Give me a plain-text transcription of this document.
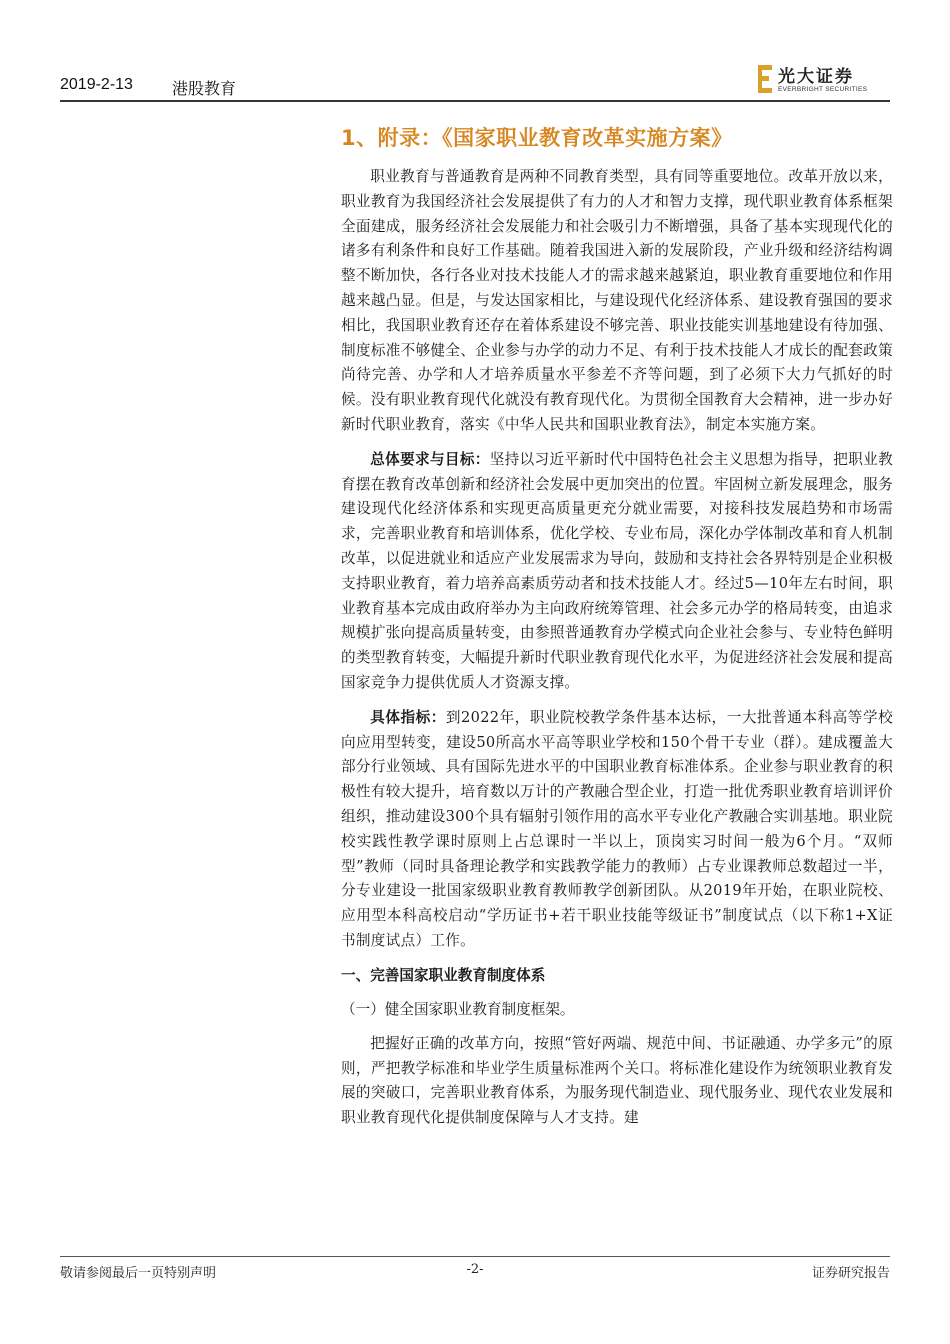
2019-2-13 港股教育
光大证券
EVERBRIGHT SECURITIES
1、附录：《国家职业教育改革实施方案》

职业教育与普通教育是两种不同教育类型，具有同等重要地位。改革开放以来，职业教育为我国经济社会发展提供了有力的人才和智力支撑，现代职业教育体系框架全面建成，服务经济社会发展能力和社会吸引力不断增强，具备了基本实现现代化的诸多有利条件和良好工作基础。随着我国进入新的发展阶段，产业升级和经济结构调整不断加快，各行各业对技术技能人才的需求越来越紧迫，职业教育重要地位和作用越来越凸显。但是，与发达国家相比，与建设现代化经济体系、建设教育强国的要求相比，我国职业教育还存在着体系建设不够完善、职业技能实训基地建设有待加强、制度标准不够健全、企业参与办学的动力不足、有利于技术技能人才成长的配套政策尚待完善、办学和人才培养质量水平参差不齐等问题，到了必须下大力气抓好的时候。没有职业教育现代化就没有教育现代化。为贯彻全国教育大会精神，进一步办好新时代职业教育，落实《中华人民共和国职业教育法》，制定本实施方案。

总体要求与目标：坚持以习近平新时代中国特色社会主义思想为指导，把职业教育摆在教育改革创新和经济社会发展中更加突出的位置。牢固树立新发展理念，服务建设现代化经济体系和实现更高质量更充分就业需要，对接科技发展趋势和市场需求，完善职业教育和培训体系，优化学校、专业布局，深化办学体制改革和育人机制改革，以促进就业和适应产业发展需求为导向，鼓励和支持社会各界特别是企业积极支持职业教育，着力培养高素质劳动者和技术技能人才。经过5—10年左右时间，职业教育基本完成由政府举办为主向政府统筹管理、社会多元办学的格局转变，由追求规模扩张向提高质量转变，由参照普通教育办学模式向企业社会参与、专业特色鲜明的类型教育转变，大幅提升新时代职业教育现代化水平，为促进经济社会发展和提高国家竞争力提供优质人才资源支撑。

具体指标：到2022年，职业院校教学条件基本达标，一大批普通本科高等学校向应用型转变，建设50所高水平高等职业学校和150个骨干专业（群）。建成覆盖大部分行业领域、具有国际先进水平的中国职业教育标准体系。企业参与职业教育的积极性有较大提升，培育数以万计的产教融合型企业，打造一批优秀职业教育培训评价组织，推动建设300个具有辐射引领作用的高水平专业化产教融合实训基地。职业院校实践性教学课时原则上占总课时一半以上，顶岗实习时间一般为6个月。“双师型”教师（同时具备理论教学和实践教学能力的教师）占专业课教师总数超过一半，分专业建设一批国家级职业教育教师教学创新团队。从2019年开始，在职业院校、应用型本科高校启动“学历证书+若干职业技能等级证书”制度试点（以下称1+X证书制度试点）工作。

一、完善国家职业教育制度体系
（一）健全国家职业教育制度框架。

把握好正确的改革方向，按照“管好两端、规范中间、书证融通、办学多元”的原则，严把教学标准和毕业学生质量标准两个关口。将标准化建设作为统领职业教育发展的突破口，完善职业教育体系，为服务现代制造业、现代服务业、现代农业发展和职业教育现代化提供制度保障与人才支持。建

敬请参阅最后一页特别声明	-2-	证券研究报告
